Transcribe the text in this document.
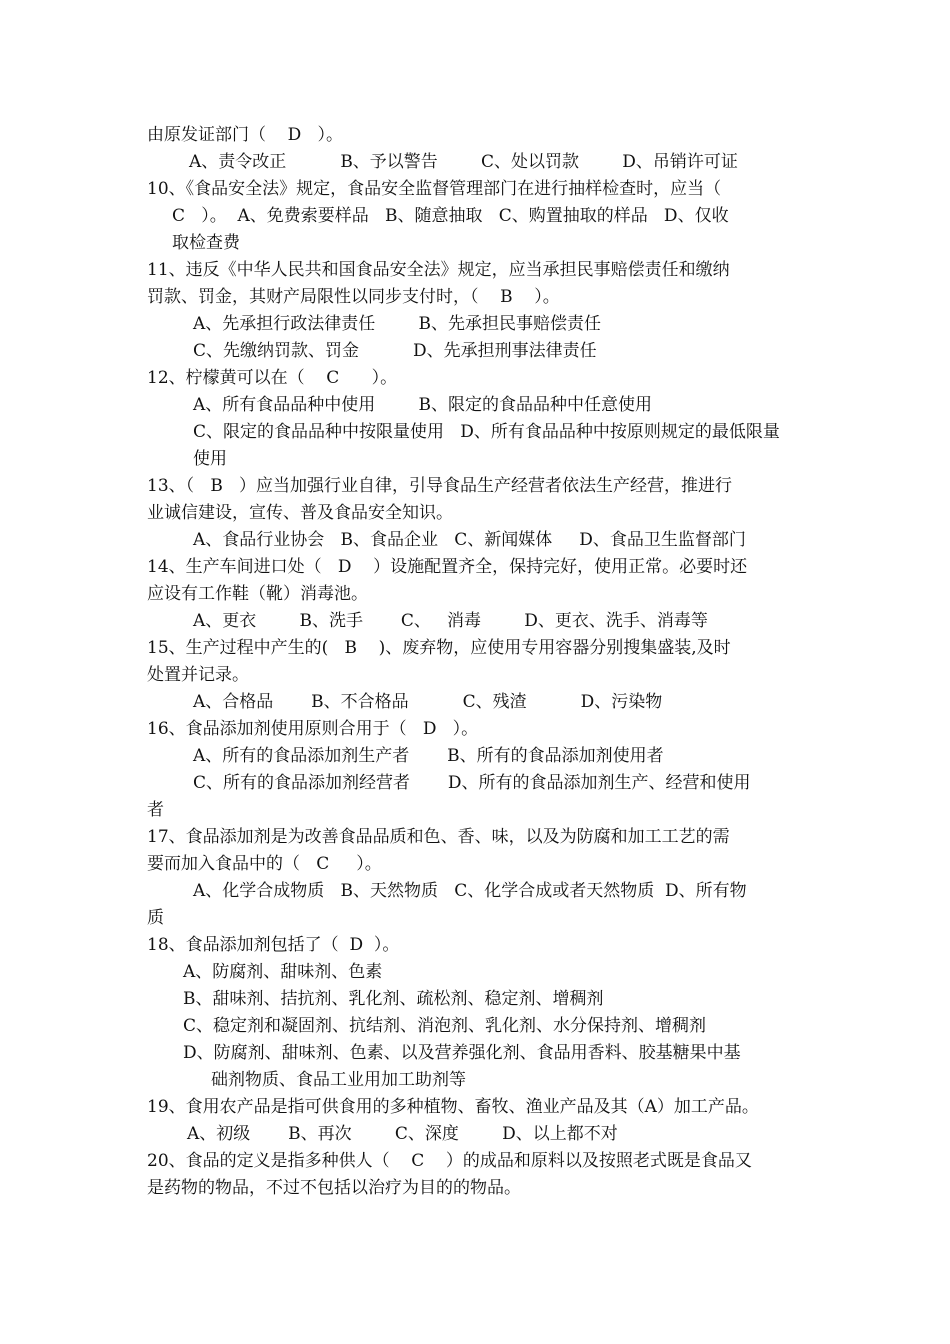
由原发证部门（    D   ）。
A、责令改正          B、予以警告        C、处以罚款        D、吊销许可证
10、《食品安全法》规定，食品安全监督管理部门在进行抽样检查时，应当（
C   ）。  A、免费索要样品   B、随意抽取   C、购置抽取的样品   D、仅收
取检查费
11、违反《中华人民共和国食品安全法》规定，应当承担民事赔偿责任和缴纳
罚款、罚金，其财产局限性以同步支付时，（    B    ）。
A、先承担行政法律责任        B、先承担民事赔偿责任
C、先缴纳罚款、罚金          D、先承担刑事法律责任
12、柠檬黄可以在（    C      ）。
A、所有食品品种中使用        B、限定的食品品种中任意使用
C、限定的食品品种中按限量使用   D、所有食品品种中按原则规定的最低限量
使用
13、（   B   ）应当加强行业自律，引导食品生产经营者依法生产经营，推进行
业诚信建设，宣传、普及食品安全知识。
A、食品行业协会   B、食品企业   C、新闻媒体     D、食品卫生监督部门
14、生产车间进口处（   D    ）设施配置齐全，保持完好，使用正常。必要时还
应设有工作鞋（靴）消毒池。
A、更衣        B、洗手       C、   消毒        D、更衣、洗手、消毒等
15、生产过程中产生的(   B    )、废弃物，应使用专用容器分别搜集盛装,及时
处置并记录。
A、合格品       B、不合格品          C、残渣          D、污染物
16、食品添加剂使用原则合用于（   D   ）。
A、所有的食品添加剂生产者       B、所有的食品添加剂使用者
C、所有的食品添加剂经营者       D、所有的食品添加剂生产、经营和使用
者
17、食品添加剂是为改善食品品质和色、香、味，以及为防腐和加工工艺的需
要而加入食品中的（   C     ）。
A、化学合成物质   B、天然物质   C、化学合成或者天然物质  D、所有物
质
18、食品添加剂包括了（  D  ）。
A、防腐剂、甜味剂、色素
B、甜味剂、拮抗剂、乳化剂、疏松剂、稳定剂、增稠剂
C、稳定剂和凝固剂、抗结剂、消泡剂、乳化剂、水分保持剂、增稠剂
D、防腐剂、甜味剂、色素、以及营养强化剂、食品用香料、胶基糖果中基
础剂物质、食品工业用加工助剂等
19、食用农产品是指可供食用的多种植物、畜牧、渔业产品及其（A）加工产品。
A、初级       B、再次        C、深度        D、以上都不对
20、食品的定义是指多种供人（    C    ）的成品和原料以及按照老式既是食品又
是药物的物品，不过不包括以治疗为目的的物品。
